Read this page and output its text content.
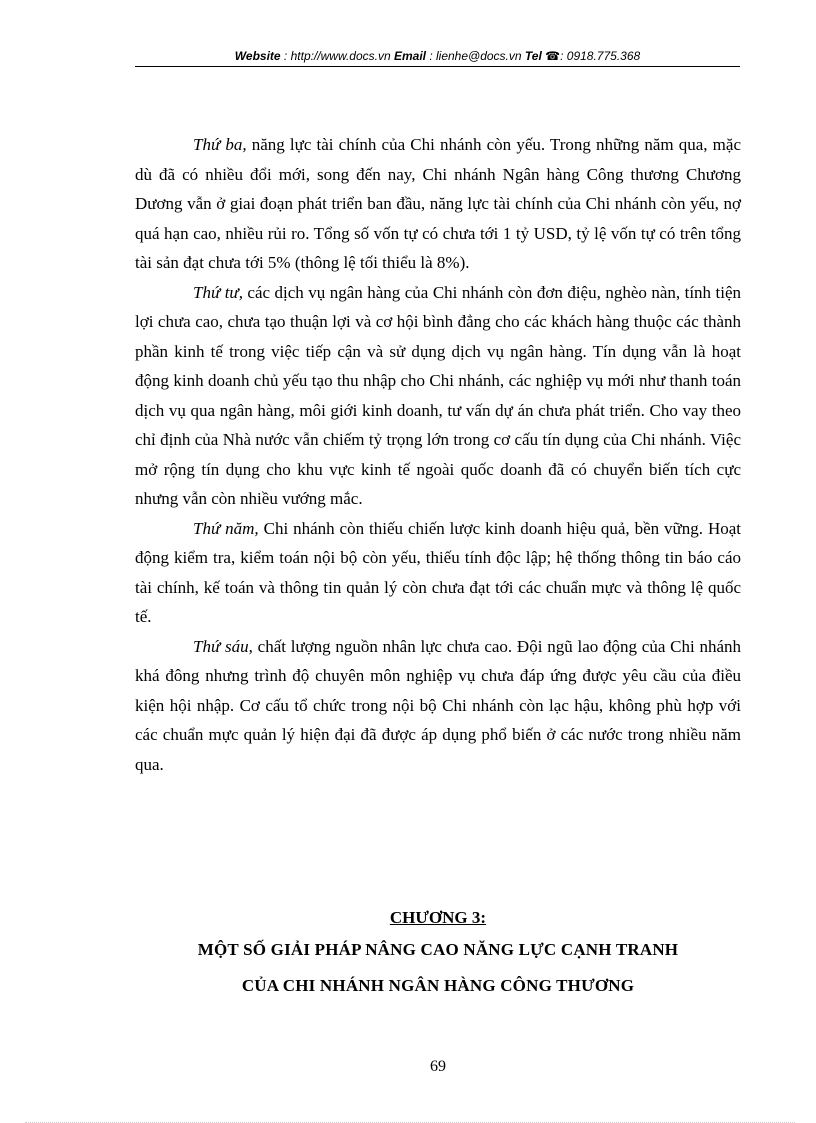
Website : http://www.docs.vn Email : lienhe@docs.vn Tel ☎: 0918.775.368

Thứ ba, năng lực tài chính của Chi nhánh còn yếu. Trong những năm qua, mặc dù đã có nhiều đổi mới, song đến nay, Chi nhánh Ngân hàng Công thương Chương Dương vẫn ở giai đoạn phát triển ban đầu, năng lực tài chính của Chi nhánh còn yếu, nợ quá hạn cao, nhiều rủi ro. Tổng số vốn tự có chưa tới 1 tỷ USD, tỷ lệ vốn tự có trên tổng tài sản đạt chưa tới 5% (thông lệ tối thiểu là 8%).

Thứ tư, các dịch vụ ngân hàng của Chi nhánh còn đơn điệu, nghèo nàn, tính tiện lợi chưa cao, chưa tạo thuận lợi và cơ hội bình đẳng cho các khách hàng thuộc các thành phần kinh tế trong việc tiếp cận và sử dụng dịch vụ ngân hàng. Tín dụng vẫn là hoạt động kinh doanh chủ yếu tạo thu nhập cho Chi nhánh, các nghiệp vụ mới như thanh toán dịch vụ qua ngân hàng, môi giới kinh doanh, tư vấn dự án chưa phát triển. Cho vay theo chỉ định của Nhà nước vẫn chiếm tỷ trọng lớn trong cơ cấu tín dụng của Chi nhánh. Việc mở rộng tín dụng cho khu vực kinh tế ngoài quốc doanh đã có chuyển biến tích cực nhưng vẫn còn nhiều vướng mắc.

Thứ năm, Chi nhánh còn thiếu chiến lược kinh doanh hiệu quả, bền vững. Hoạt động kiểm tra, kiểm toán nội bộ còn yếu, thiếu tính độc lập; hệ thống thông tin báo cáo tài chính, kế toán và thông tin quản lý còn chưa đạt tới các chuẩn mực và thông lệ quốc tế.

Thứ sáu, chất lượng nguồn nhân lực chưa cao. Đội ngũ lao động của Chi nhánh khá đông nhưng trình độ chuyên môn nghiệp vụ chưa đáp ứng được yêu cầu của điều kiện hội nhập. Cơ cấu tổ chức trong nội bộ Chi nhánh còn lạc hậu, không phù hợp với các chuẩn mực quản lý hiện đại đã được áp dụng phổ biến ở các nước trong nhiều năm qua.

CHƯƠNG 3:
MỘT SỐ GIẢI PHÁP NÂNG CAO NĂNG LỰC CẠNH TRANH
CỦA CHI NHÁNH NGÂN HÀNG CÔNG THƯƠNG
69
